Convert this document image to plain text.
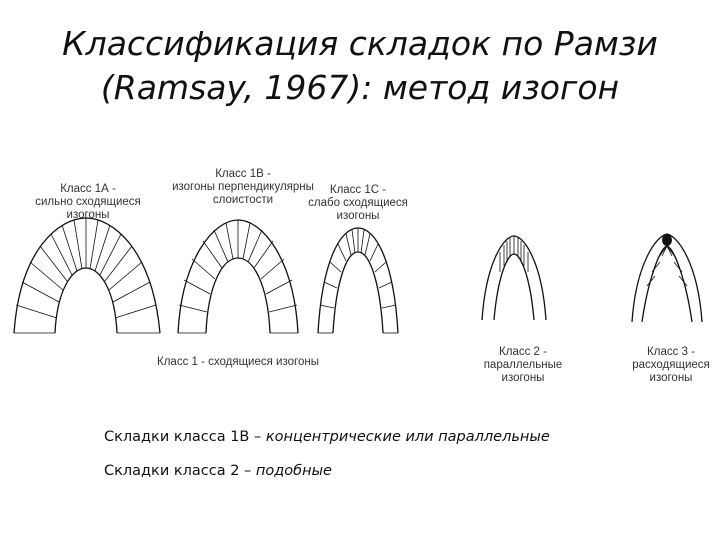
Классификация складок по Рамзи
(Ramsay, 1967): метод изогон
Класс 1А -
сильно сходящиеся
изогоны
Класс 1В -
изогоны перпендикулярны
слоистости
Класс 1С -
слабо сходящиеся
изогоны
Класс 1 - сходящиеся изогоны
Класс 2 -
параллельные
изогоны
Класс 3 -
расходящиеся
изогоны
Складки класса 1В – концентрические или параллельные
Складки класса 2 – подобные
